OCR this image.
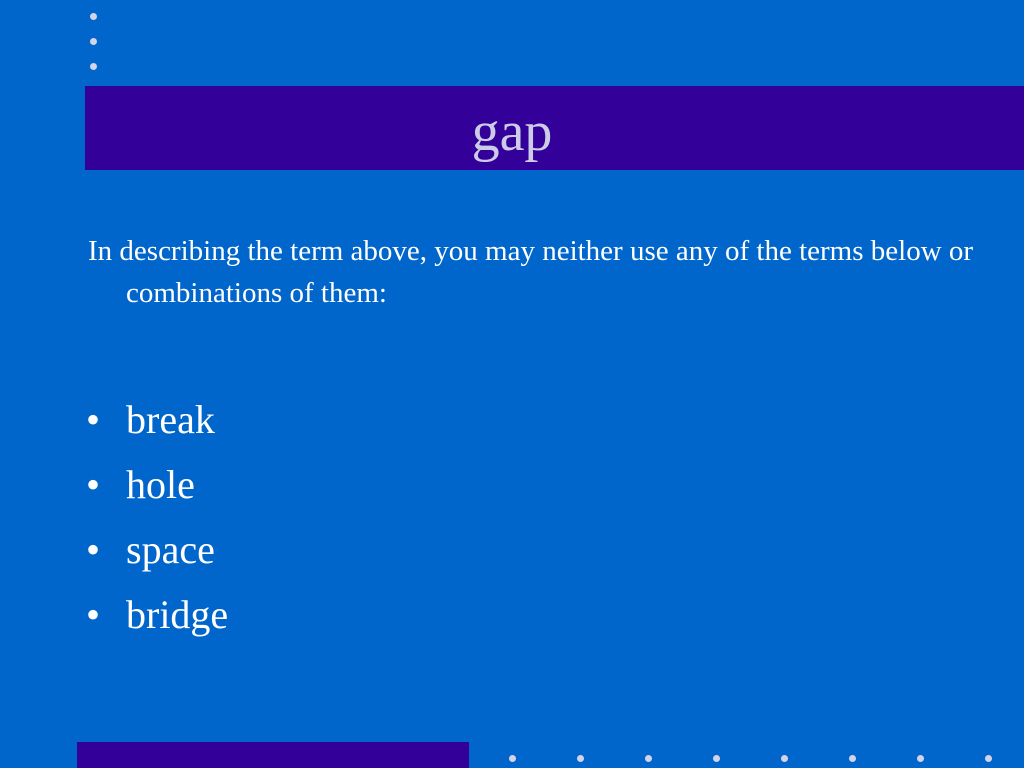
gap

In describing the term above, you may neither use any of the terms below or combinations of them:

• break
• hole
• space
• bridge
